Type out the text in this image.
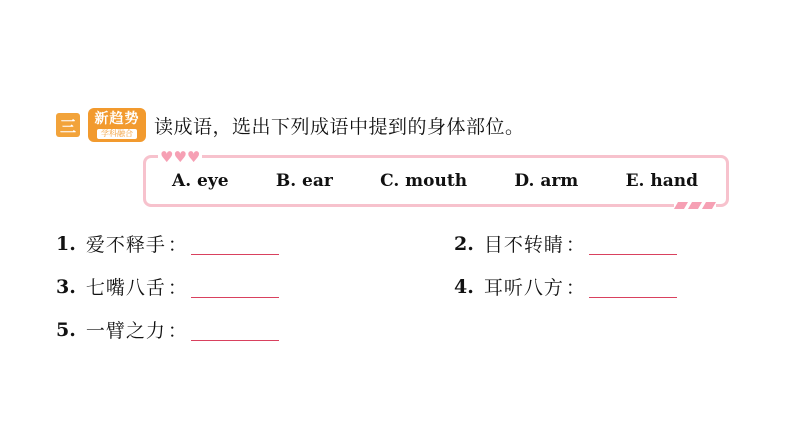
三 新趋势
学科融合 读成语，选出下列成语中提到的身体部位。
♥ ♥ ♥
A. eye	B. ear	C. mouth	D. arm	E. hand
1. 爱不释手 ：	2. 目不转睛 ：
3. 七嘴八舌 ：	4. 耳听八方 ：
5. 一臂之力 ：
